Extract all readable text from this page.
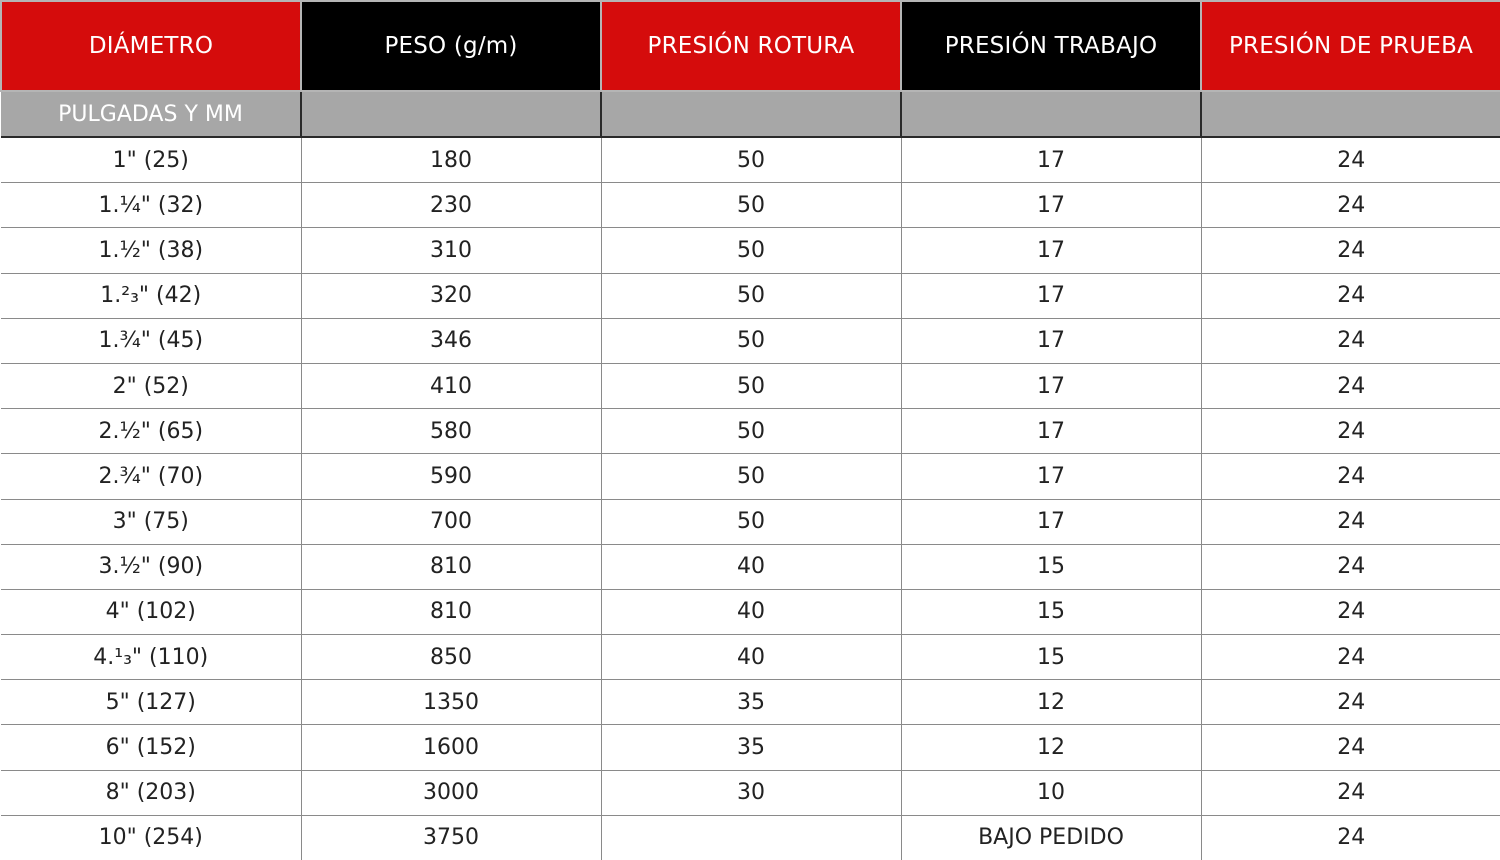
DIÁMETRO	PESO (g/m)	PRESIÓN ROTURA	PRESIÓN TRABAJO	PRESIÓN DE PRUEBA
PULGADAS Y MM				
1" (25)	180	50	17	24
1.¼" (32)	230	50	17	24
1.½" (38)	310	50	17	24
1.²₃" (42)	320	50	17	24
1.¾" (45)	346	50	17	24
2" (52)	410	50	17	24
2.½" (65)	580	50	17	24
2.¾" (70)	590	50	17	24
3" (75)	700	50	17	24
3.½" (90)	810	40	15	24
4" (102)	810	40	15	24
4.¹₃" (110)	850	40	15	24
5" (127)	1350	35	12	24
6" (152)	1600	35	12	24
8" (203)	3000	30	10	24
10" (254)	3750		BAJO PEDIDO	24
